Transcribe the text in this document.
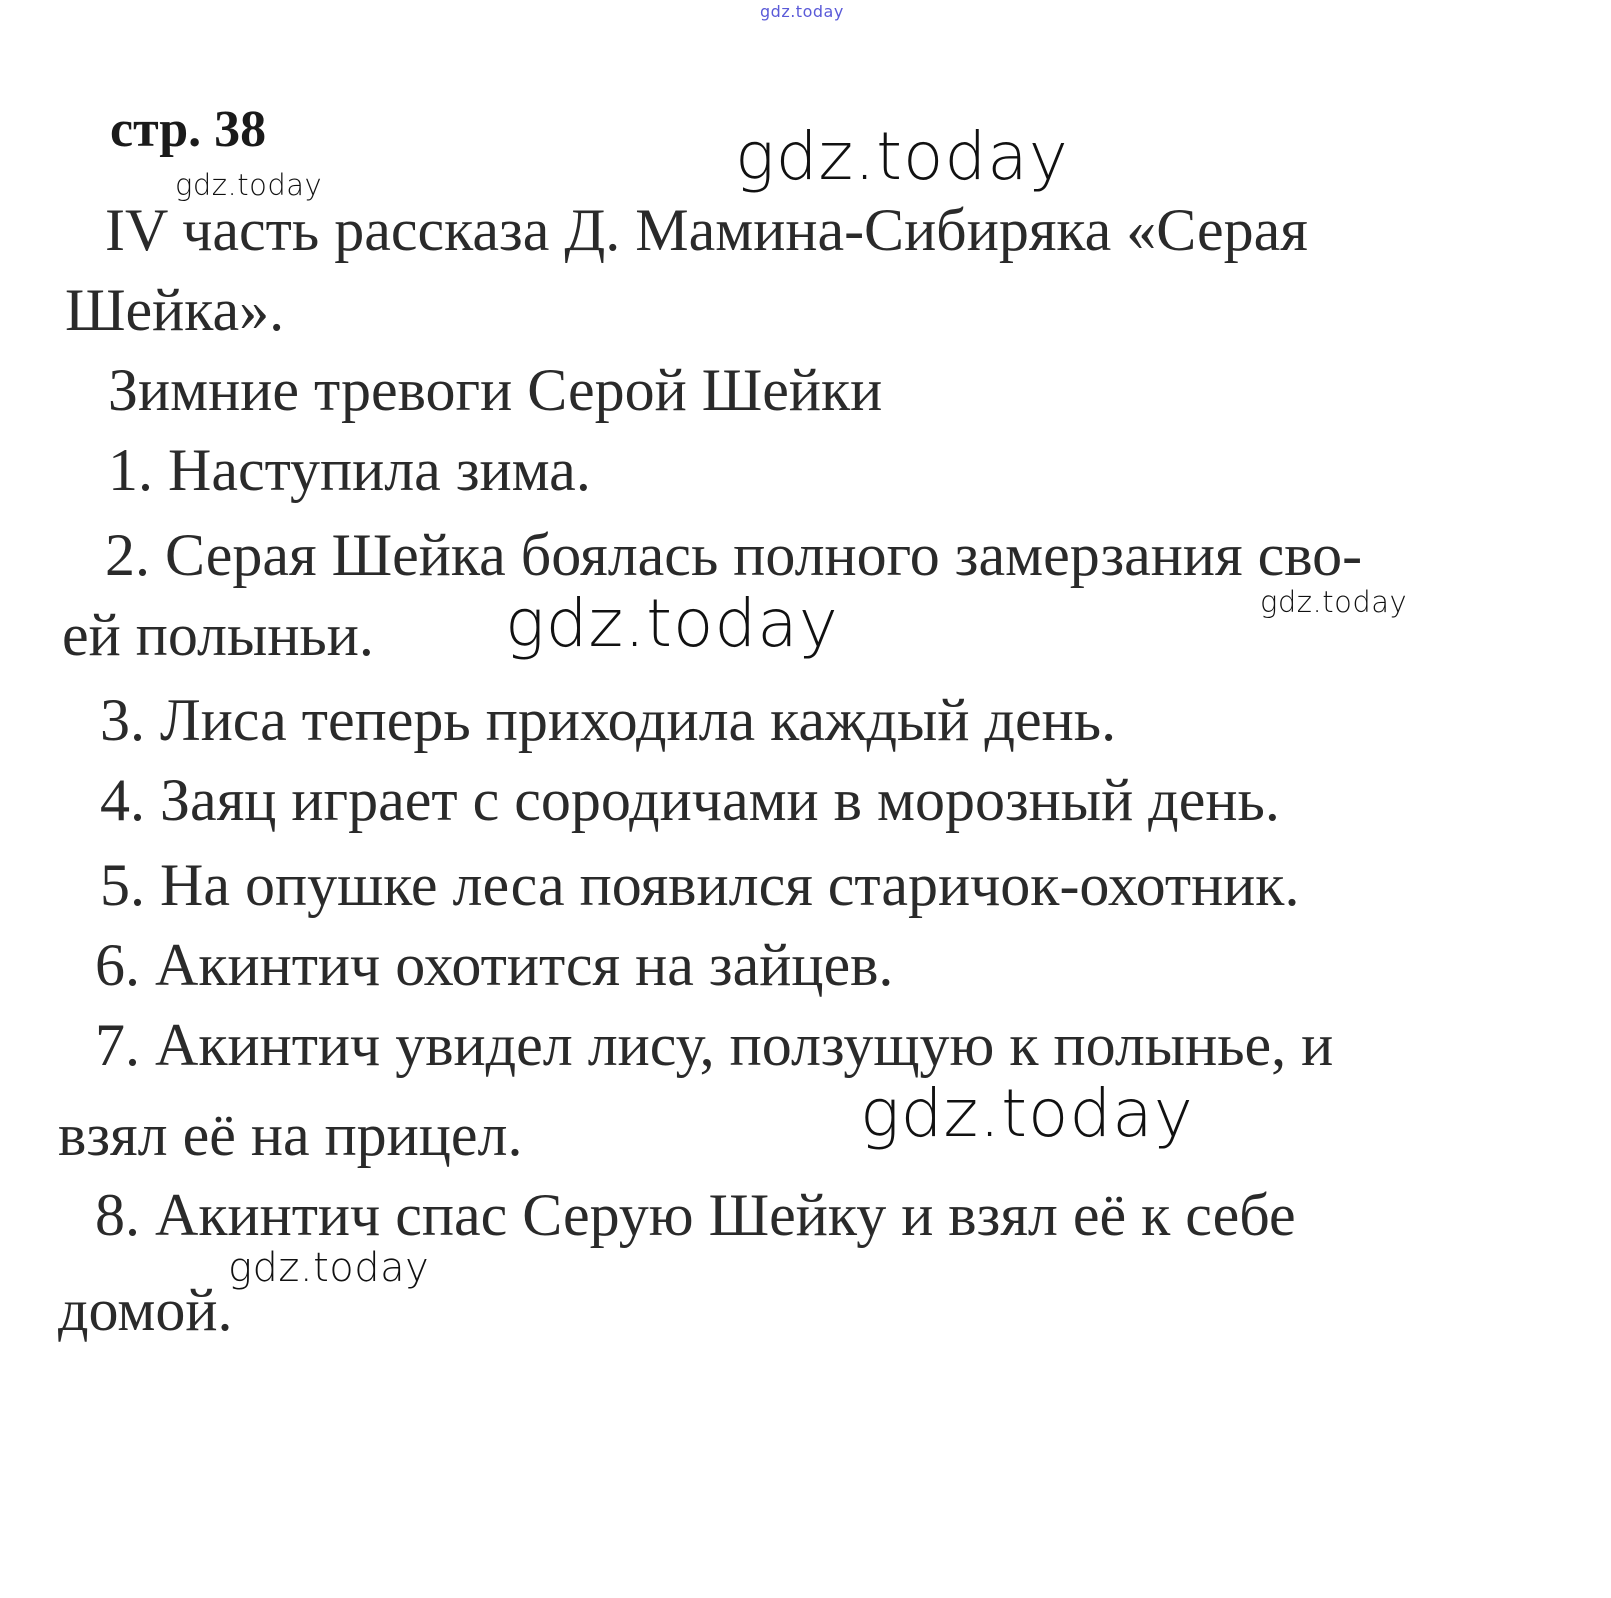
gdz.today
стр. 38
IV часть рассказа Д. Мамина-Сибиряка «Серая
Шейка».
Зимние тревоги Серой Шейки
1. Наступила зима.
2. Серая Шейка боялась полного замерзания сво-
ей полыньи.
3. Лиса теперь приходила каждый день.
4. Заяц играет с сородичами в морозный день.
5. На опушке леса появился старичок-охотник.
6. Акинтич охотится на зайцев.
7. Акинтич увидел лису, ползущую к полынье, и
взял её на прицел.
8. Акинтич спас Серую Шейку и взял её к себе
домой.
gdz.today
gdz.today
gdz.today	gdz.today
gdz.today
gdz.today
